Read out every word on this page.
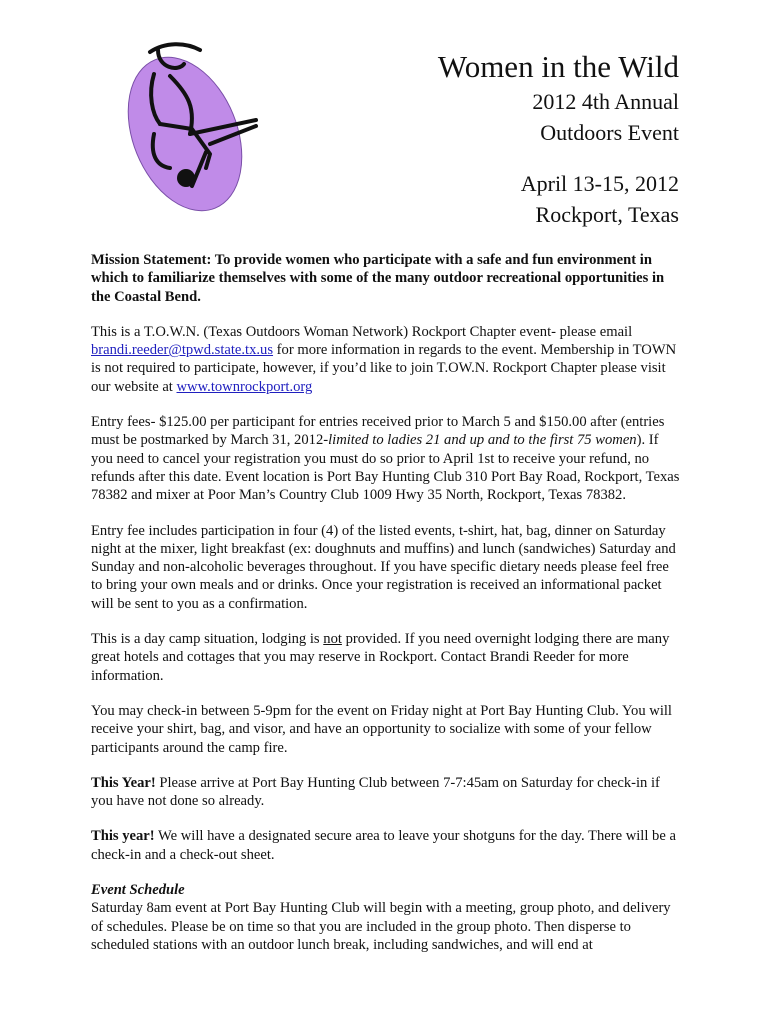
Women in the Wild
2012 4th Annual
Outdoors Event
April 13-15, 2012
Rockport, Texas

Mission Statement: To provide women who participate with a safe and fun environment in which to familiarize themselves with some of the many outdoor recreational opportunities in the Coastal Bend.

This is a T.O.W.N. (Texas Outdoors Woman Network) Rockport Chapter event- please email brandi.reeder@tpwd.state.tx.us for more information in regards to the event. Membership in TOWN is not required to participate, however, if you’d like to join T.OW.N. Rockport Chapter please visit our website at www.townrockport.org

Entry fees- $125.00 per participant for entries received prior to March 5 and $150.00 after (entries must be postmarked by March 31, 2012-limited to ladies 21 and up and to the first 75 women). If you need to cancel your registration you must do so prior to April 1st to receive your refund, no refunds after this date. Event location is Port Bay Hunting Club 310 Port Bay Road, Rockport, Texas 78382 and mixer at Poor Man’s Country Club 1009 Hwy 35 North, Rockport, Texas 78382.

Entry fee includes participation in four (4) of the listed events, t-shirt, hat, bag, dinner on Saturday night at the mixer, light breakfast (ex: doughnuts and muffins) and lunch (sandwiches) Saturday and Sunday and non-alcoholic beverages throughout. If you have specific dietary needs please feel free to bring your own meals and or drinks. Once your registration is received an informational packet will be sent to you as a confirmation.

This is a day camp situation, lodging is not provided. If you need overnight lodging there are many great hotels and cottages that you may reserve in Rockport. Contact Brandi Reeder for more information.

You may check-in between 5-9pm for the event on Friday night at Port Bay Hunting Club. You will receive your shirt, bag, and visor, and have an opportunity to socialize with some of your fellow participants around the camp fire.

This Year! Please arrive at Port Bay Hunting Club between 7-7:45am on Saturday for check-in if you have not done so already.

This year! We will have a designated secure area to leave your shotguns for the day. There will be a check-in and a check-out sheet.

Event Schedule

Saturday 8am event at Port Bay Hunting Club will begin with a meeting, group photo, and delivery of schedules. Please be on time so that you are included in the group photo. Then disperse to scheduled stations with an outdoor lunch break, including sandwiches, and will end at
